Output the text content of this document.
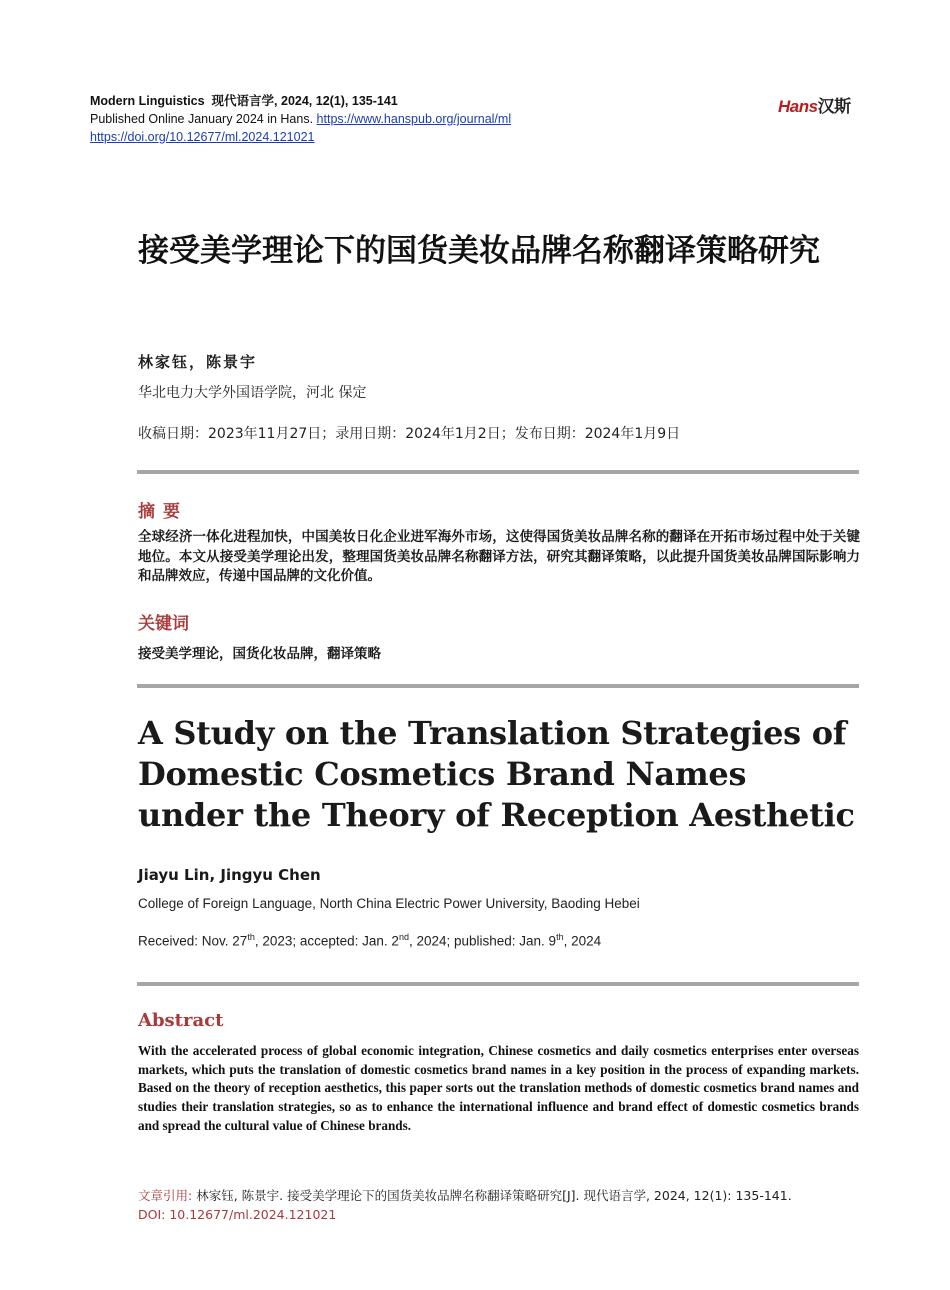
Modern Linguistics 现代语言学, 2024, 12(1), 135-141
Published Online January 2024 in Hans. https://www.hanspub.org/journal/ml
https://doi.org/10.12677/ml.2024.121021
Hans汉斯
接受美学理论下的国货美妆品牌名称翻译策略研究
林家钰，陈景宇
华北电力大学外国语学院，河北 保定
收稿日期：2023年11月27日；录用日期：2024年1月2日；发布日期：2024年1月9日
摘要
全球经济一体化进程加快，中国美妆日化企业进军海外市场，这使得国货美妆品牌名称的翻译在开拓市场过程中处于关键地位。本文从接受美学理论出发，整理国货美妆品牌名称翻译方法，研究其翻译策略，以此提升国货美妆品牌国际影响力和品牌效应，传递中国品牌的文化价值。
关键词
接受美学理论，国货化妆品牌，翻译策略
A Study on the Translation Strategies of Domestic Cosmetics Brand Names under the Theory of Reception Aesthetic
Jiayu Lin, Jingyu Chen
College of Foreign Language, North China Electric Power University, Baoding Hebei
Received: Nov. 27th, 2023; accepted: Jan. 2nd, 2024; published: Jan. 9th, 2024
Abstract
With the accelerated process of global economic integration, Chinese cosmetics and daily cosmetics enterprises enter overseas markets, which puts the translation of domestic cosmetics brand names in a key position in the process of expanding markets. Based on the theory of reception aesthetics, this paper sorts out the translation methods of domestic cosmetics brand names and studies their translation strategies, so as to enhance the international influence and brand effect of domestic cosmetics brands and spread the cultural value of Chinese brands.
文章引用: 林家钰, 陈景宇. 接受美学理论下的国货美妆品牌名称翻译策略研究[J]. 现代语言学, 2024, 12(1): 135-141.
DOI: 10.12677/ml.2024.121021
